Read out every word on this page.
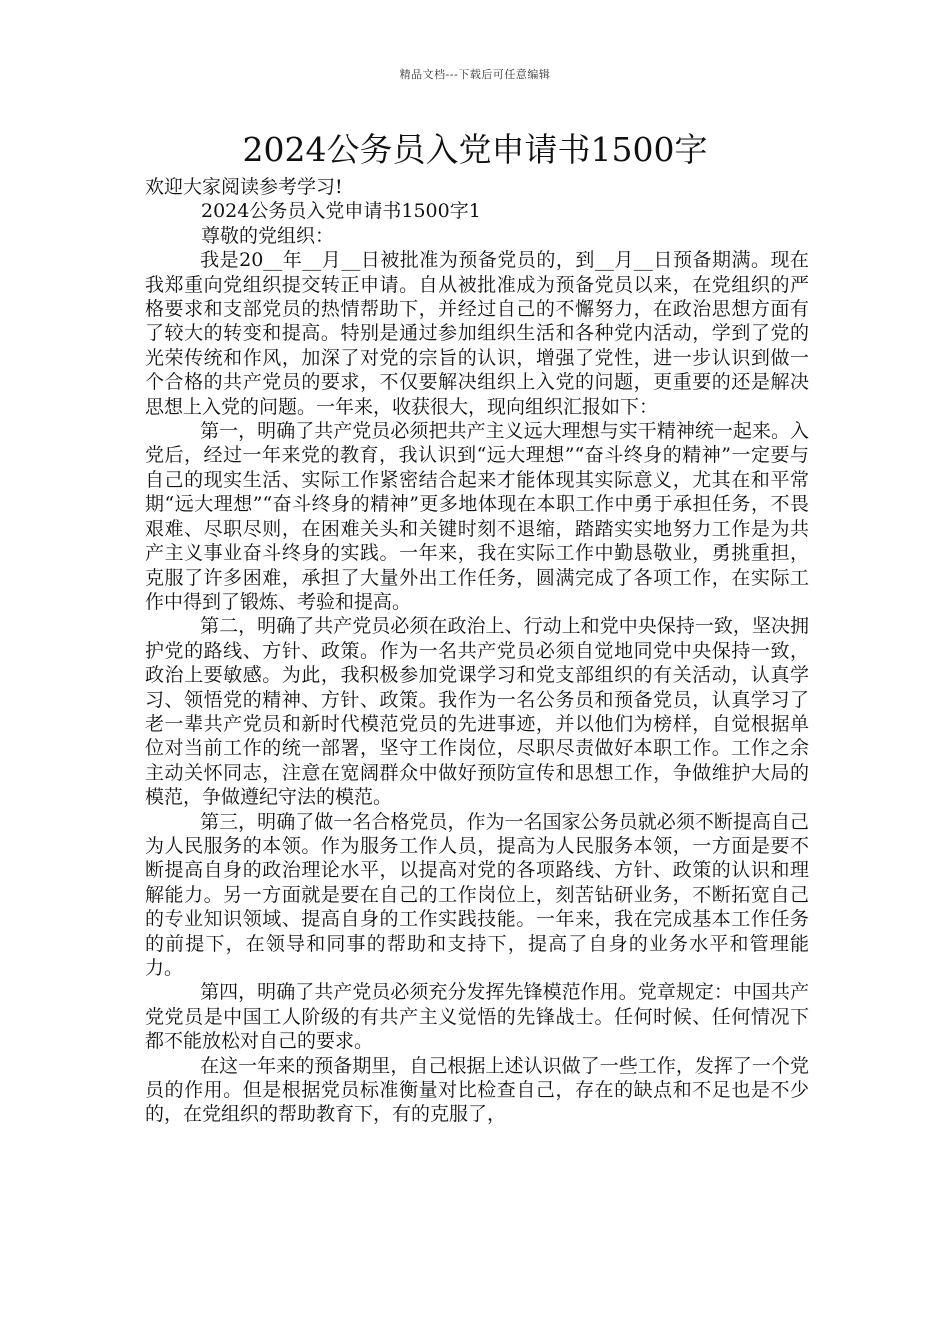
精品文档---下载后可任意编辑
2024公务员入党申请书1500字

欢迎大家阅读参考学习!

2024公务员入党申请书1500字1

尊敬的党组织：

我是20__年__月__日被批准为预备党员的，到__月__日预备期满。现在我郑重向党组织提交转正申请。自从被批准成为预备党员以来，在党组织的严格要求和支部党员的热情帮助下，并经过自己的不懈努力，在政治思想方面有了较大的转变和提高。特别是通过参加组织生活和各种党内活动，学到了党的光荣传统和作风，加深了对党的宗旨的认识，增强了党性，进一步认识到做一个合格的共产党员的要求，不仅要解决组织上入党的问题，更重要的还是解决思想上入党的问题。一年来，收获很大，现向组织汇报如下：

第一，明确了共产党员必须把共产主义远大理想与实干精神统一起来。入党后，经过一年来党的教育，我认识到“远大理想”“奋斗终身的精神”一定要与自己的现实生活、实际工作紧密结合起来才能体现其实际意义，尤其在和平常期“远大理想”“奋斗终身的精神”更多地体现在本职工作中勇于承担任务，不畏艰难、尽职尽则，在困难关头和关键时刻不退缩，踏踏实实地努力工作是为共产主义事业奋斗终身的实践。一年来，我在实际工作中勤恳敬业，勇挑重担，克服了许多困难，承担了大量外出工作任务，圆满完成了各项工作，在实际工作中得到了锻炼、考验和提高。

第二，明确了共产党员必须在政治上、行动上和党中央保持一致，坚决拥护党的路线、方针、政策。作为一名共产党员必须自觉地同党中央保持一致，政治上要敏感。为此，我积极参加党课学习和党支部组织的有关活动，认真学习、领悟党的精神、方针、政策。我作为一名公务员和预备党员，认真学习了老一辈共产党员和新时代模范党员的先进事迹，并以他们为榜样，自觉根据单位对当前工作的统一部署，坚守工作岗位，尽职尽责做好本职工作。工作之余主动关怀同志，注意在宽阔群众中做好预防宣传和思想工作，争做维护大局的模范，争做遵纪守法的模范。

第三，明确了做一名合格党员，作为一名国家公务员就必须不断提高自己为人民服务的本领。作为服务工作人员，提高为人民服务本领，一方面是要不断提高自身的政治理论水平，以提高对党的各项路线、方针、政策的认识和理解能力。另一方面就是要在自己的工作岗位上，刻苦钻研业务，不断拓宽自己的专业知识领域、提高自身的工作实践技能。一年来，我在完成基本工作任务的前提下，在领导和同事的帮助和支持下，提高了自身的业务水平和管理能力。

第四，明确了共产党员必须充分发挥先锋模范作用。党章规定：中国共产党党员是中国工人阶级的有共产主义觉悟的先锋战士。任何时候、任何情况下都不能放松对自己的要求。

在这一年来的预备期里，自己根据上述认识做了一些工作，发挥了一个党员的作用。但是根据党员标准衡量对比检查自己，存在的缺点和不足也是不少的，在党组织的帮助教育下，有的克服了，
